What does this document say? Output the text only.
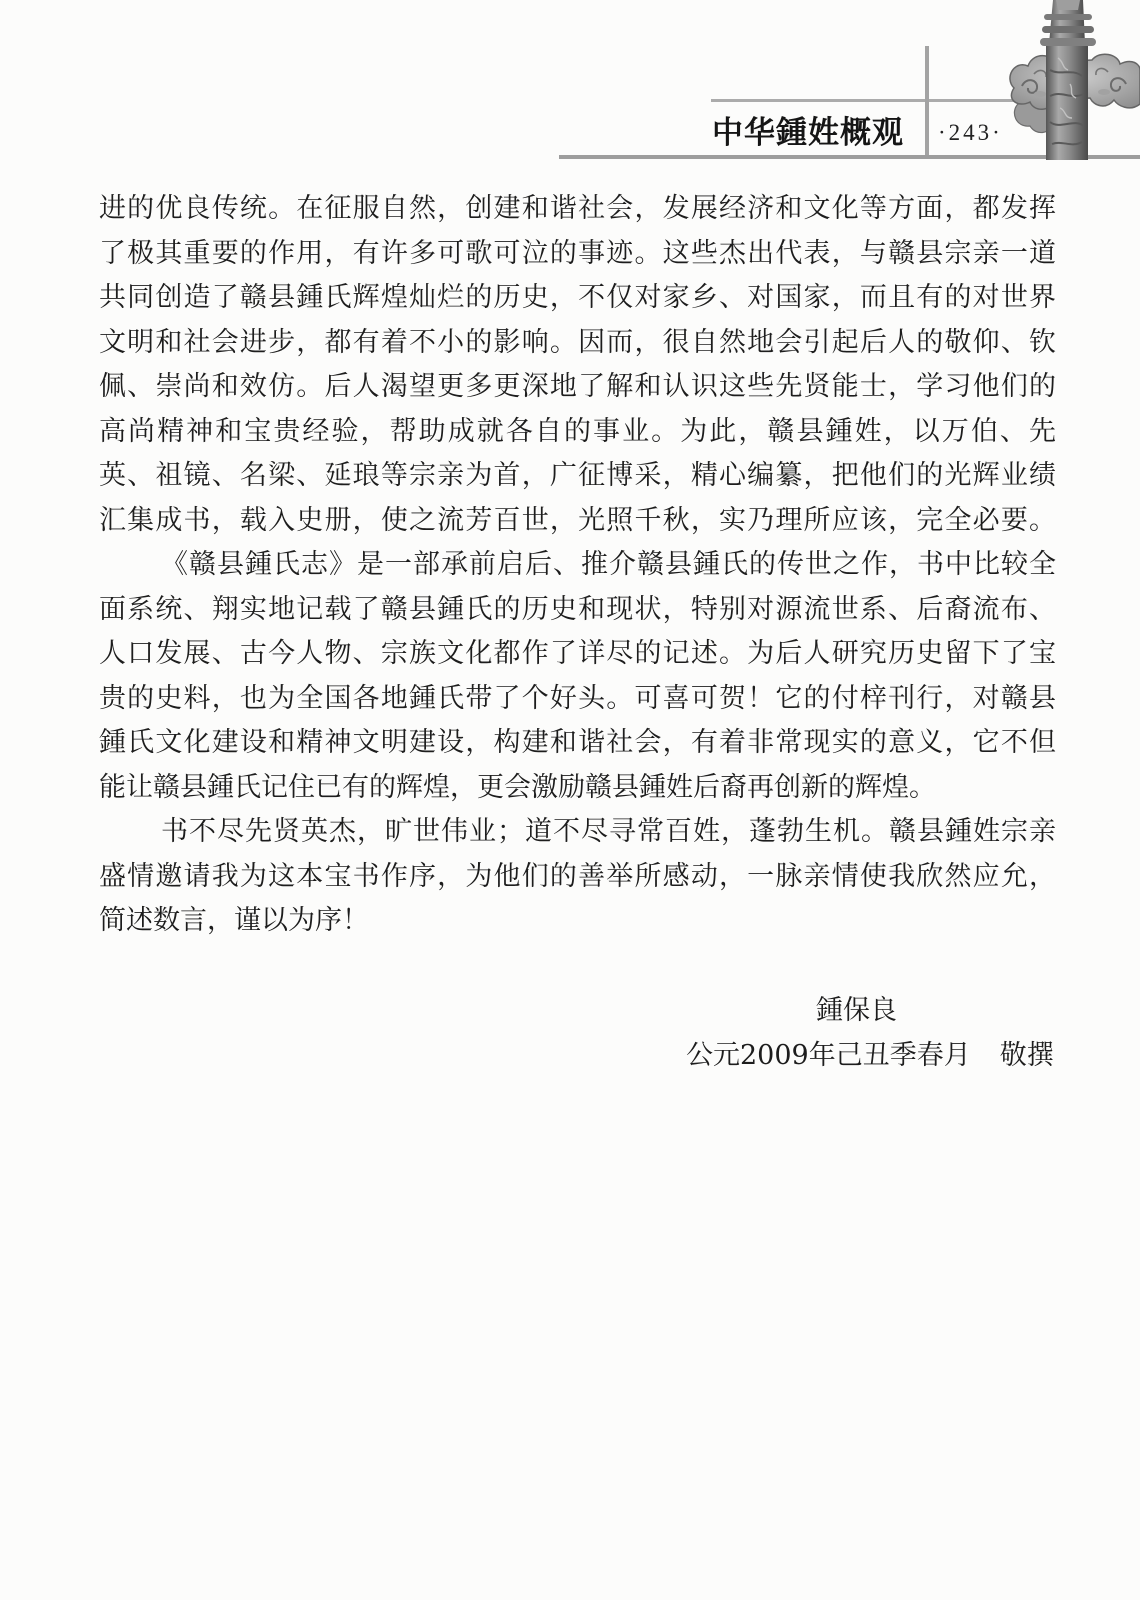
中华鍾姓概观 ·243·
进的优良传统。在征服自然，创建和谐社会，发展经济和文化等方面，都发挥
了极其重要的作用，有许多可歌可泣的事迹。这些杰出代表，与赣县宗亲一道
共同创造了赣县鍾氏辉煌灿烂的历史，不仅对家乡、对国家，而且有的对世界
文明和社会进步，都有着不小的影响。因而，很自然地会引起后人的敬仰、钦
佩、崇尚和效仿。后人渴望更多更深地了解和认识这些先贤能士，学习他们的
高尚精神和宝贵经验，帮助成就各自的事业。为此，赣县鍾姓，以万伯、先
英、祖镜、名梁、延琅等宗亲为首，广征博采，精心编纂，把他们的光辉业绩
汇集成书，载入史册，使之流芳百世，光照千秋，实乃理所应该，完全必要。
《赣县鍾氏志》是一部承前启后、推介赣县鍾氏的传世之作，书中比较全
面系统、翔实地记载了赣县鍾氏的历史和现状，特别对源流世系、后裔流布、
人口发展、古今人物、宗族文化都作了详尽的记述。为后人研究历史留下了宝
贵的史料，也为全国各地鍾氏带了个好头。可喜可贺！它的付梓刊行，对赣县
鍾氏文化建设和精神文明建设，构建和谐社会，有着非常现实的意义，它不但
能让赣县鍾氏记住已有的辉煌，更会激励赣县鍾姓后裔再创新的辉煌。
书不尽先贤英杰，旷世伟业；道不尽寻常百姓，蓬勃生机。赣县鍾姓宗亲
盛情邀请我为这本宝书作序，为他们的善举所感动，一脉亲情使我欣然应允，
简述数言，谨以为序！
鍾保良
公元2009年己丑季春月 敬撰
